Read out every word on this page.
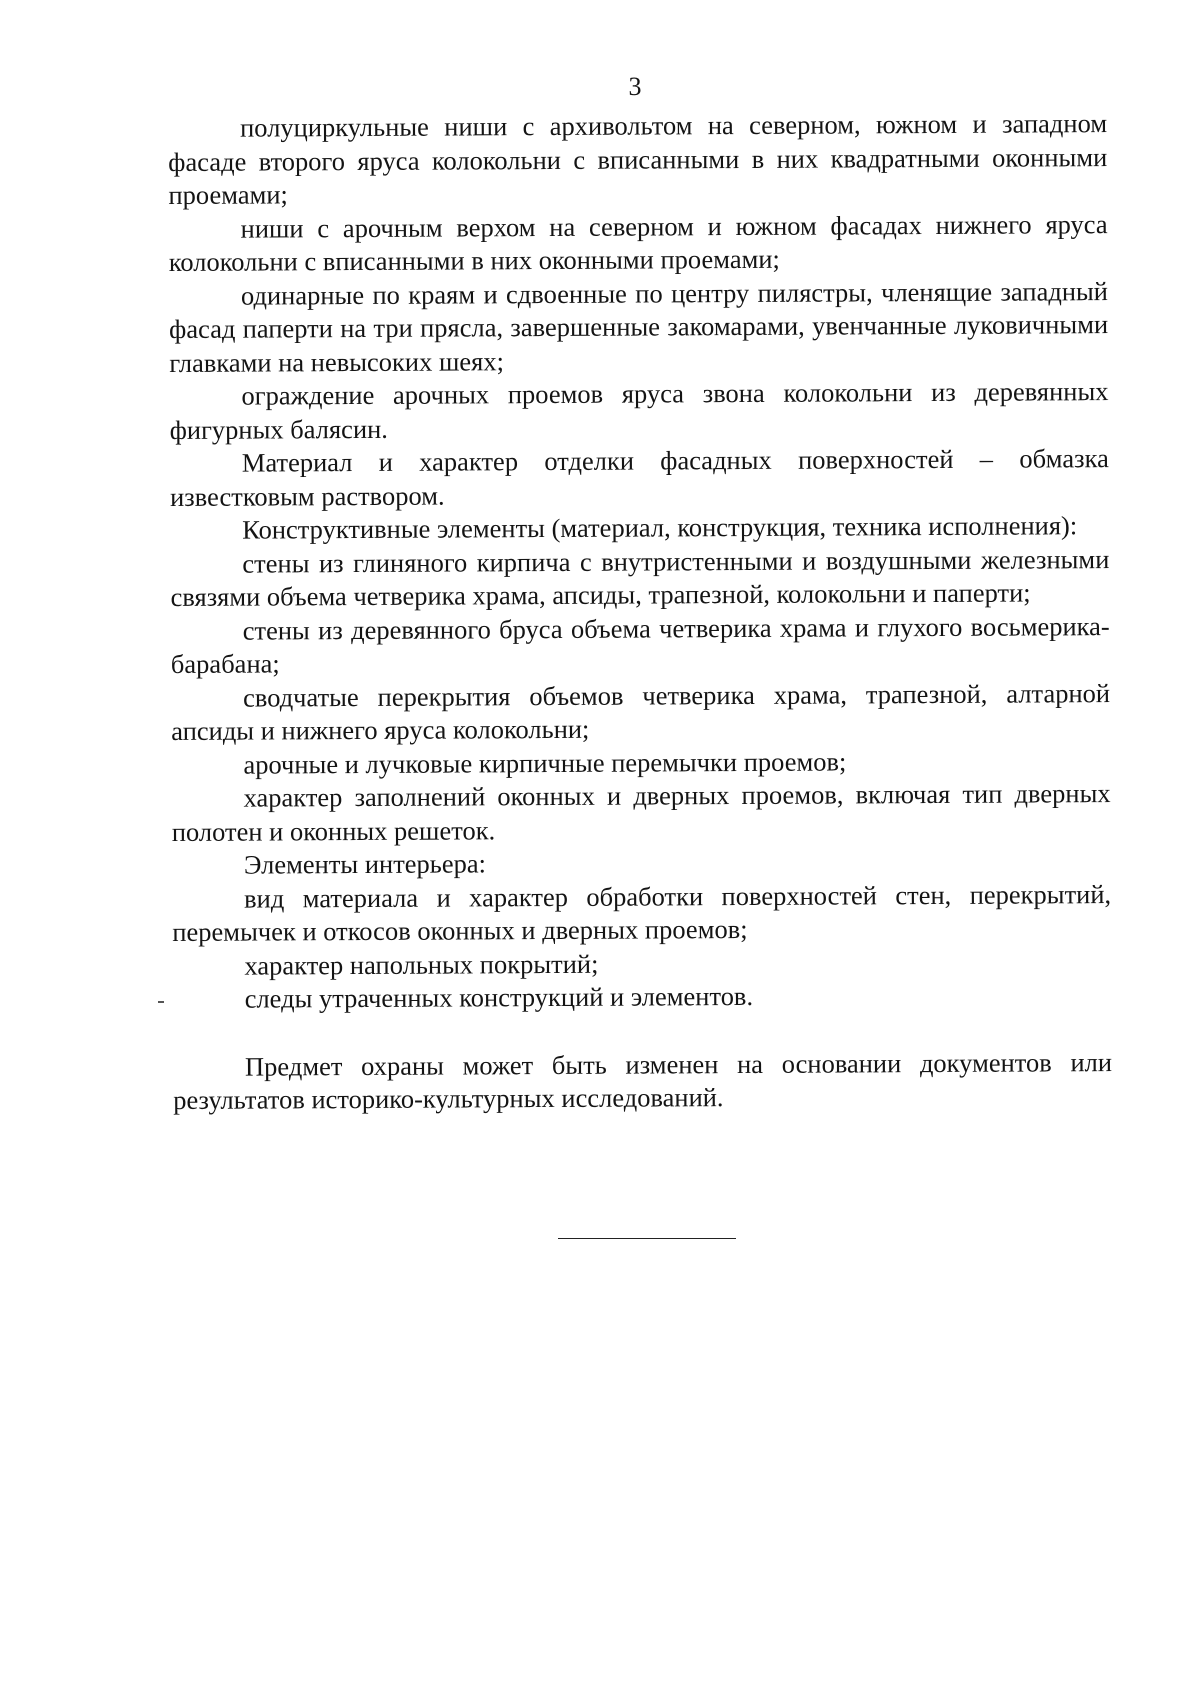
3

полуциркульные ниши с архивольтом на северном, южном и западном фасаде второго яруса колокольни с вписанными в них квадратными оконными проемами;

ниши с арочным верхом на северном и южном фасадах нижнего яруса колокольни с вписанными в них оконными проемами;

одинарные по краям и сдвоенные по центру пилястры, членящие западный фасад паперти на три прясла, завершенные закомарами, увенчанные луковичными главками на невысоких шеях;

ограждение арочных проемов яруса звона колокольни из деревянных фигурных балясин.

Материал и характер отделки фасадных поверхностей – обмазка известковым раствором.

Конструктивные элементы (материал, конструкция, техника исполнения):

стены из глиняного кирпича с внутристенными и воздушными железными связями объема четверика храма, апсиды, трапезной, колокольни и паперти;

стены из деревянного бруса объема четверика храма и глухого восьмерика-барабана;

сводчатые перекрытия объемов четверика храма, трапезной, алтарной апсиды и нижнего яруса колокольни;

арочные и лучковые кирпичные перемычки проемов;

характер заполнений оконных и дверных проемов, включая тип дверных полотен и оконных решеток.

Элементы интерьера:

вид материала и характер обработки поверхностей стен, перекрытий, перемычек и откосов оконных и дверных проемов;

характер напольных покрытий;

следы утраченных конструкций и элементов.

Предмет охраны может быть изменен на основании документов или результатов историко-культурных исследований.
